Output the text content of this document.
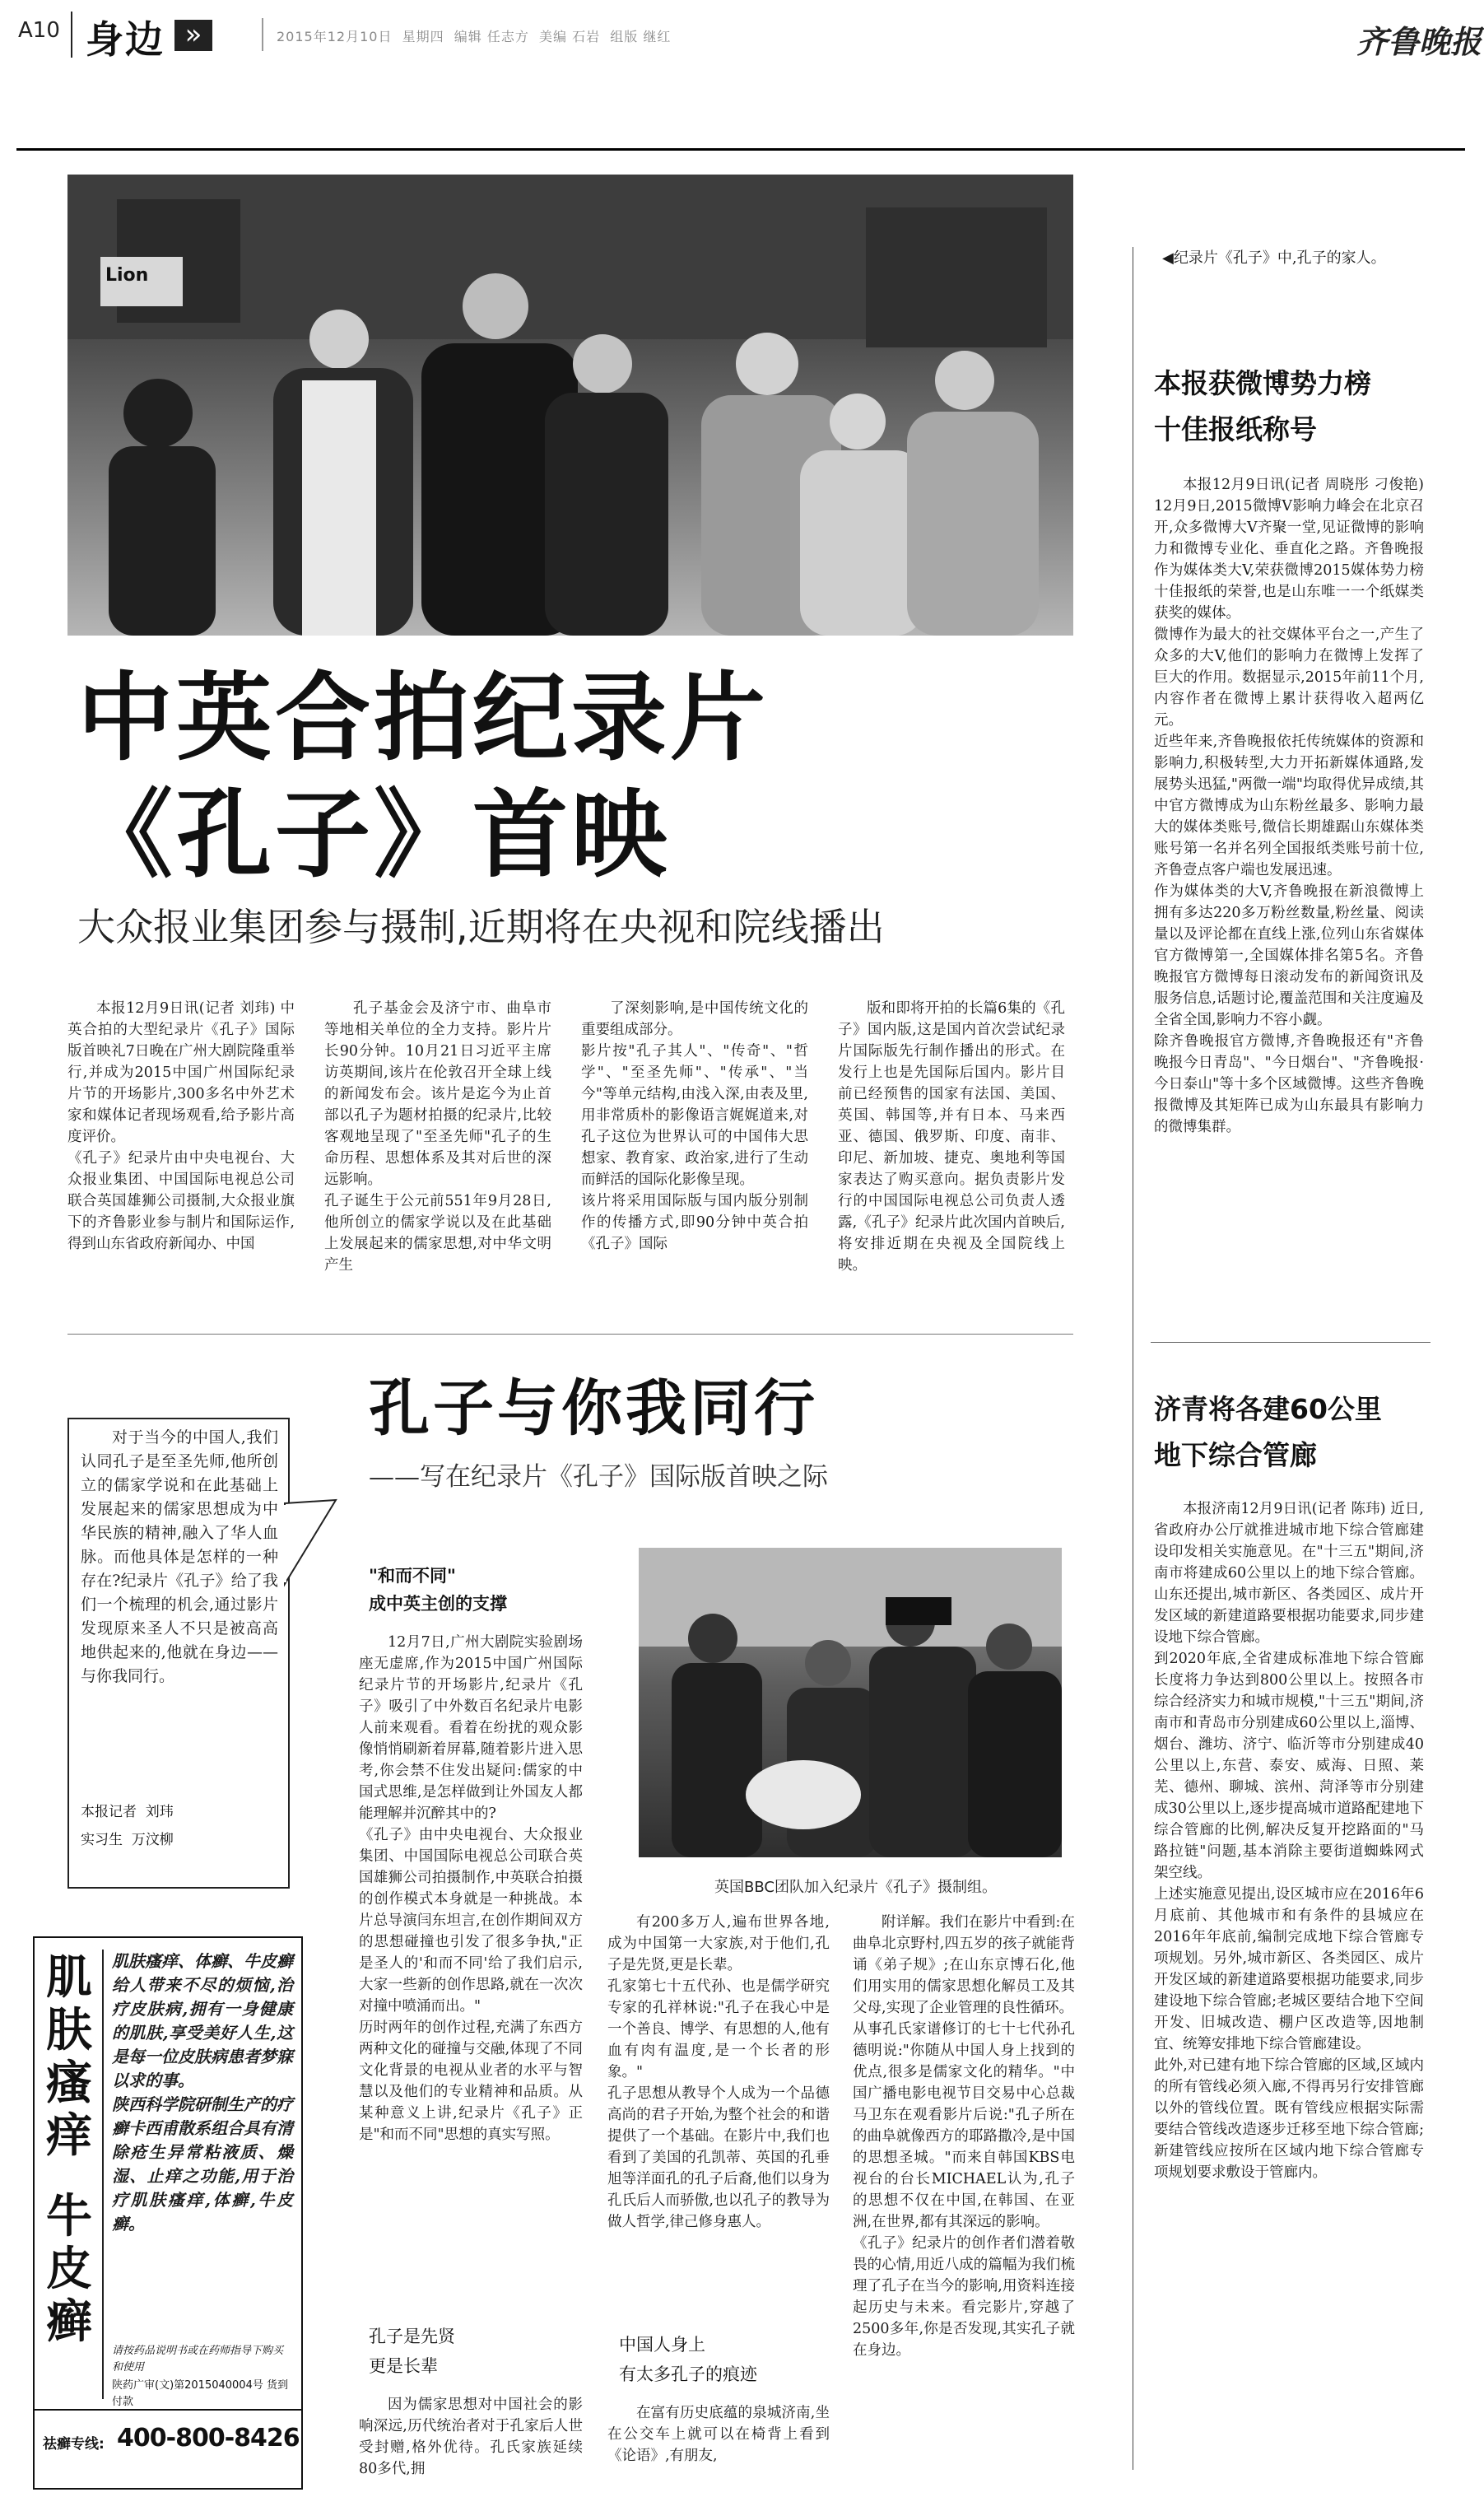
A10 身边 »	2015年12月10日  星期四  编辑 任志方  美编 石岩  组版 继红	齐鲁晚报
Lion
◀纪录片《孔子》中,孔子的家人。
本报获微博势力榜
十佳报纸称号
本报12月9日讯(记者 周晓彤 刁俊艳) 12月9日,2015微博V影响力峰会在北京召开,众多微博大V齐聚一堂,见证微博的影响力和微博专业化、垂直化之路。齐鲁晚报作为媒体类大V,荣获微博2015媒体势力榜十佳报纸的荣誉,也是山东唯一一个纸媒类获奖的媒体。
微博作为最大的社交媒体平台之一,产生了众多的大V,他们的影响力在微博上发挥了巨大的作用。数据显示,2015年前11个月,内容作者在微博上累计获得收入超两亿元。
近些年来,齐鲁晚报依托传统媒体的资源和影响力,积极转型,大力开拓新媒体通路,发展势头迅猛,"两微一端"均取得优异成绩,其中官方微博成为山东粉丝最多、影响力最大的媒体类账号,微信长期雄踞山东媒体类账号第一名并名列全国报纸类账号前十位,齐鲁壹点客户端也发展迅速。
作为媒体类的大V,齐鲁晚报在新浪微博上拥有多达220多万粉丝数量,粉丝量、阅读量以及评论都在直线上涨,位列山东省媒体官方微博第一,全国媒体排名第5名。齐鲁晚报官方微博每日滚动发布的新闻资讯及服务信息,话题讨论,覆盖范围和关注度遍及全省全国,影响力不容小觑。
除齐鲁晚报官方微博,齐鲁晚报还有"齐鲁晚报今日青岛"、"今日烟台"、"齐鲁晚报·今日泰山"等十多个区域微博。这些齐鲁晚报微博及其矩阵已成为山东最具有影响力的微博集群。
济青将各建60公里
地下综合管廊
本报济南12月9日讯(记者 陈玮) 近日,省政府办公厅就推进城市地下综合管廊建设印发相关实施意见。在"十三五"期间,济南市将建成60公里以上的地下综合管廊。山东还提出,城市新区、各类园区、成片开发区域的新建道路要根据功能要求,同步建设地下综合管廊。
到2020年底,全省建成标准地下综合管廊长度将力争达到800公里以上。按照各市综合经济实力和城市规模,"十三五"期间,济南市和青岛市分别建成60公里以上,淄博、烟台、潍坊、济宁、临沂等市分别建成40公里以上,东营、泰安、威海、日照、莱芜、德州、聊城、滨州、菏泽等市分别建成30公里以上,逐步提高城市道路配建地下综合管廊的比例,解决反复开挖路面的"马路拉链"问题,基本消除主要街道蜘蛛网式架空线。
上述实施意见提出,设区城市应在2016年6月底前、其他城市和有条件的县城应在2016年年底前,编制完成地下综合管廊专项规划。另外,城市新区、各类园区、成片开发区域的新建道路要根据功能要求,同步建设地下综合管廊;老城区要结合地下空间开发、旧城改造、棚户区改造等,因地制宜、统筹安排地下综合管廊建设。
此外,对已建有地下综合管廊的区域,区域内的所有管线必须入廊,不得再另行安排管廊以外的管线位置。既有管线应根据实际需要结合管线改造逐步迁移至地下综合管廊;新建管线应按所在区域内地下综合管廊专项规划要求敷设于管廊内。
中英合拍纪录片
《孔子》首映
大众报业集团参与摄制,近期将在央视和院线播出
本报12月9日讯(记者 刘玮) 中英合拍的大型纪录片《孔子》国际版首映礼7日晚在广州大剧院隆重举行,并成为2015中国广州国际纪录片节的开场影片,300多名中外艺术家和媒体记者现场观看,给予影片高度评价。
《孔子》纪录片由中央电视台、大众报业集团、中国国际电视总公司联合英国雄狮公司摄制,大众报业旗下的齐鲁影业参与制片和国际运作,得到山东省政府新闻办、中国
孔子基金会及济宁市、曲阜市等地相关单位的全力支持。影片片长90分钟。10月21日习近平主席访英期间,该片在伦敦召开全球上线的新闻发布会。该片是迄今为止首部以孔子为题材拍摄的纪录片,比较客观地呈现了"至圣先师"孔子的生命历程、思想体系及其对后世的深远影响。
孔子诞生于公元前551年9月28日,他所创立的儒家学说以及在此基础上发展起来的儒家思想,对中华文明产生
了深刻影响,是中国传统文化的重要组成部分。
影片按"孔子其人"、"传奇"、"哲学"、"至圣先师"、"传承"、"当今"等单元结构,由浅入深,由表及里,用非常质朴的影像语言娓娓道来,对孔子这位为世界认可的中国伟大思想家、教育家、政治家,进行了生动而鲜活的国际化影像呈现。
该片将采用国际版与国内版分别制作的传播方式,即90分钟中英合拍《孔子》国际
版和即将开拍的长篇6集的《孔子》国内版,这是国内首次尝试纪录片国际版先行制作播出的形式。在发行上也是先国际后国内。影片目前已经预售的国家有法国、美国、英国、韩国等,并有日本、马来西亚、德国、俄罗斯、印度、南非、印尼、新加坡、捷克、奥地利等国家表达了购买意向。据负责影片发行的中国国际电视总公司负责人透露,《孔子》纪录片此次国内首映后,将安排近期在央视及全国院线上映。
孔子与你我同行
——写在纪录片《孔子》国际版首映之际
对于当今的中国人,我们认同孔子是至圣先师,他所创立的儒家学说和在此基础上发展起来的儒家思想成为中华民族的精神,融入了华人血脉。而他具体是怎样的一种存在?纪录片《孔子》给了我们一个梳理的机会,通过影片发现原来圣人不只是被高高地供起来的,他就在身边——与你我同行。
本报记者  刘玮
实习生  万汶柳
"和而不同"
成中英主创的支撑
12月7日,广州大剧院实验剧场座无虚席,作为2015中国广州国际纪录片节的开场影片,纪录片《孔子》吸引了中外数百名纪录片电影人前来观看。看着在纷扰的观众影像悄悄刷新着屏幕,随着影片进入思考,你会禁不住发出疑问:儒家的中国式思维,是怎样做到让外国友人都能理解并沉醉其中的?
《孔子》由中央电视台、大众报业集团、中国国际电视总公司联合英国雄狮公司拍摄制作,中英联合拍摄的创作模式本身就是一种挑战。本片总导演闫东坦言,在创作期间双方的思想碰撞也引发了很多争执,"正是圣人的'和而不同'给了我们启示,大家一些新的创作思路,就在一次次对撞中喷涌而出。"
历时两年的创作过程,充满了东西方两种文化的碰撞与交融,体现了不同文化背景的电视从业者的水平与智慧以及他们的专业精神和品质。从某种意义上讲,纪录片《孔子》正是"和而不同"思想的真实写照。
孔子是先贤
更是长辈
因为儒家思想对中国社会的影响深远,历代统治者对于孔家后人世受封赠,格外优待。孔氏家族延续80多代,拥
英国BBC团队加入纪录片《孔子》摄制组。
有200多万人,遍布世界各地,成为中国第一大家族,对于他们,孔子是先贤,更是长辈。
孔家第七十五代孙、也是儒学研究专家的孔祥林说:"孔子在我心中是一个善良、博学、有思想的人,他有血有肉有温度,是一个长者的形象。"
孔子思想从教导个人成为一个品德高尚的君子开始,为整个社会的和谐提供了一个基础。在影片中,我们也看到了美国的孔凯蒂、英国的孔垂旭等洋面孔的孔子后裔,他们以身为孔氏后人而骄傲,也以孔子的教导为做人哲学,律己修身惠人。
中国人身上
有太多孔子的痕迹
在富有历史底蕴的泉城济南,坐在公交车上就可以在椅背上看到《论语》,有朋友,
附详解。我们在影片中看到:在曲阜北京野村,四五岁的孩子就能背诵《弟子规》;在山东京博石化,他们用实用的儒家思想化解员工及其父母,实现了企业管理的良性循环。
从事孔氏家谱修订的七十七代孙孔德明说:"你随从中国人身上找到的优点,很多是儒家文化的精华。"中国广播电影电视节目交易中心总裁马卫东在观看影片后说:"孔子所在的曲阜就像西方的耶路撒冷,是中国的思想圣城。"而来自韩国KBS电视台的台长MICHAEL认为,孔子的思想不仅在中国,在韩国、在亚洲,在世界,都有其深远的影响。
《孔子》纪录片的创作者们潜着敬畏的心情,用近八成的篇幅为我们梳理了孔子在当今的影响,用资料连接起历史与未来。看完影片,穿越了2500多年,你是否发现,其实孔子就在身边。
肌肤瘙痒
牛皮癣
肌肤瘙痒、体癣、牛皮癣给人带来不尽的烦恼,治疗皮肤病,拥有一身健康的肌肤,享受美好人生,这是每一位皮肤病患者梦寐以求的事。
陕西科学院研制生产的疗癣卡西甫散系组合具有清除疮生异常粘液质、燥湿、止痒之功能,用于治疗肌肤瘙痒,体癣,牛皮癣。
请按药品说明书或在药师指导下购买和使用
陕药广审(文)第2015040004号 货到付款
祛癣专线: 400-800-8426
